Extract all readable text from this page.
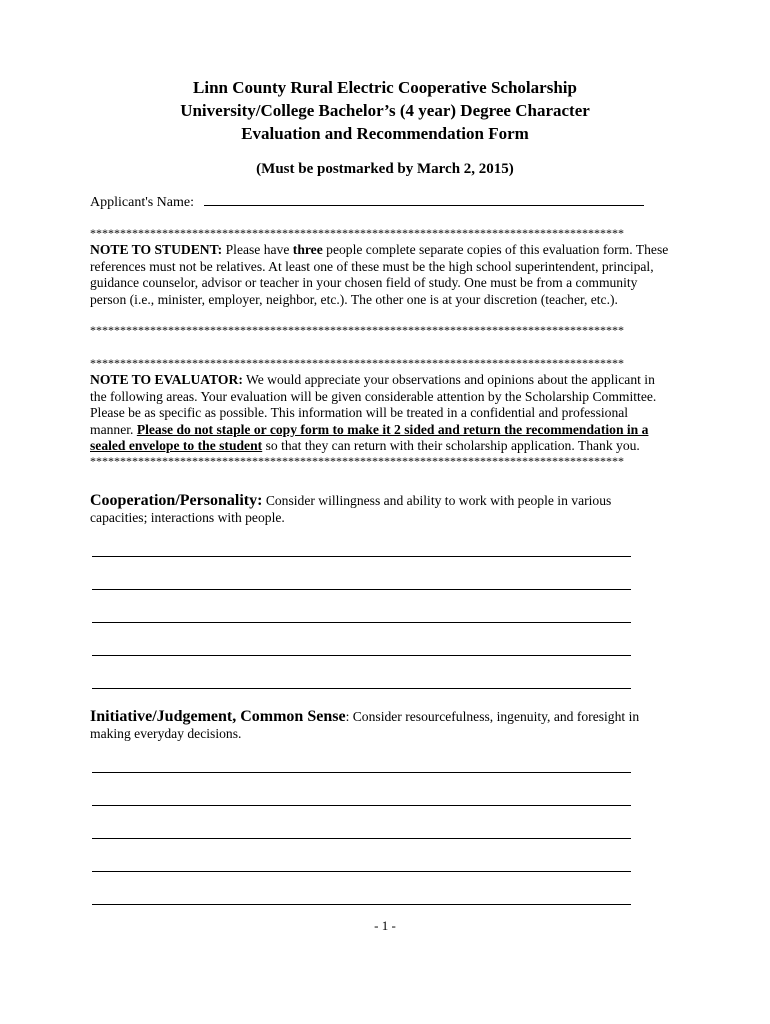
Linn County Rural Electric Cooperative Scholarship
University/College Bachelor’s (4 year) Degree Character
Evaluation and Recommendation Form
(Must be postmarked by March 2, 2015)
Applicant's Name:
*****************************************************************************************
NOTE TO STUDENT: Please have three people complete separate copies of this evaluation form. These references must not be relatives. At least one of these must be the high school superintendent, principal, guidance counselor, advisor or teacher in your chosen field of study. One must be from a community person (i.e., minister, employer, neighbor, etc.). The other one is at your discretion (teacher, etc.).
*****************************************************************************************
*****************************************************************************************
NOTE TO EVALUATOR: We would appreciate your observations and opinions about the applicant in the following areas. Your evaluation will be given considerable attention by the Scholarship Committee. Please be as specific as possible. This information will be treated in a confidential and professional manner. Please do not staple or copy form to make it 2 sided and return the recommendation in a sealed envelope to the student so that they can return with their scholarship application. Thank you.
*****************************************************************************************
Cooperation/Personality: Consider willingness and ability to work with people in various capacities; interactions with people.
Initiative/Judgement, Common Sense: Consider resourcefulness, ingenuity, and foresight in making everyday decisions.
- 1 -
